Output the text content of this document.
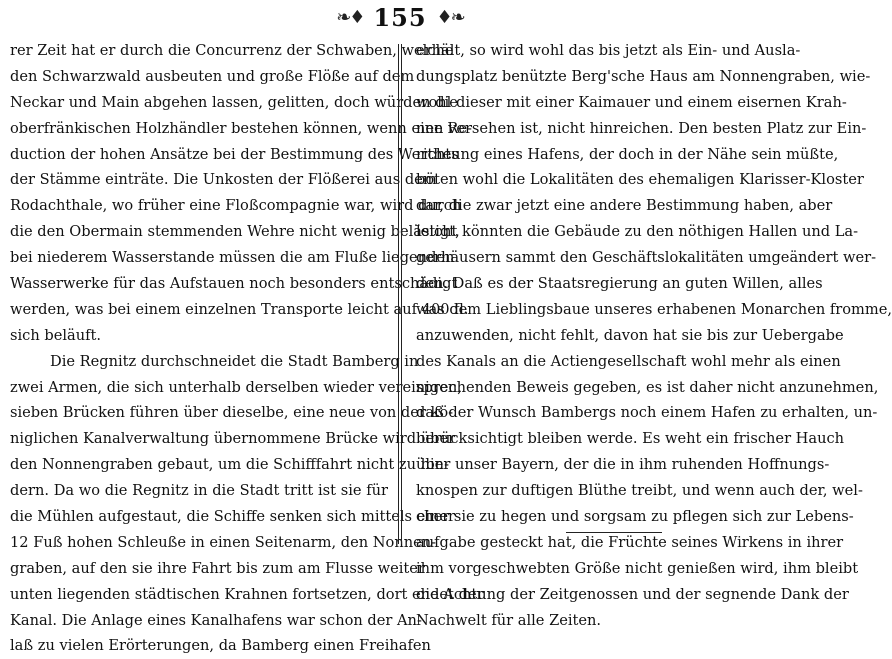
❧♦ 155 ♦❧
rer Zeit hat er durch die Concurrenz der Schwaben, welche
den Schwarzwald ausbeuten und große Flöße auf dem
Neckar und Main abgehen lassen, gelitten, doch würden die
oberfränkischen Holzhändler bestehen können, wenn eine Re-
duction der hohen Ansätze bei der Bestimmung des Werthes
der Stämme einträte. Die Unkosten der Flößerei aus dem
Rodachthale, wo früher eine Floßcompagnie war, wird durch
die den Obermain stemmenden Wehre nicht wenig belästigt,
bei niederem Wasserstande müssen die am Fluße liegenden
Wasserwerke für das Aufstauen noch besonders entschädigt
werden, was bei einem einzelnen Transporte leicht auf 400 fl.
sich beläuft.
Die Regnitz durchschneidet die Stadt Bamberg in
zwei Armen, die sich unterhalb derselben wieder vereinigen,
sieben Brücken führen über dieselbe, eine neue von der kö-
niglichen Kanalverwaltung übernommene Brücke wird über
den Nonnengraben gebaut, um die Schifffahrt nicht zu hin-
dern. Da wo die Regnitz in die Stadt tritt ist sie für
die Mühlen aufgestaut, die Schiffe senken sich mittels einer
12 Fuß hohen Schleuße in einen Seitenarm, den Nonnen-
graben, auf den sie ihre Fahrt bis zum am Flusse weiter
unten liegenden städtischen Krahnen fortsetzen, dort endet der
Kanal. Die Anlage eines Kanalhafens war schon der An-
laß zu vielen Erörterungen, da Bamberg einen Freihafen
erhält, so wird wohl das bis jetzt als Ein- und Ausla-
dungsplatz benützte Berg'sche Haus am Nonnengraben, wie-
wohl dieser mit einer Kaimauer und einem eisernen Krah-
nen versehen ist, nicht hinreichen. Den besten Platz zur Ein-
richtung eines Hafens, der doch in der Nähe sein müßte,
böten wohl die Lokalitäten des ehemaligen Klarisser-Kloster
dar, die zwar jetzt eine andere Bestimmung haben, aber
leicht könnten die Gebäude zu den nöthigen Hallen und La-
gerhäusern sammt den Geschäftslokalitäten umgeändert wer-
den. Daß es der Staatsregierung an guten Willen, alles
was dem Lieblingsbaue unseres erhabenen Monarchen fromme,
anzuwenden, nicht fehlt, davon hat sie bis zur Uebergabe
des Kanals an die Actiengesellschaft wohl mehr als einen
sprechenden Beweis gegeben, es ist daher nicht anzunehmen,
daß der Wunsch Bambergs noch einem Hafen zu erhalten, un-
berücksichtigt bleiben werde. Es weht ein frischer Hauch
über unser Bayern, der die in ihm ruhenden Hoffnungs-
knospen zur duftigen Blüthe treibt, und wenn auch der, wel-
cher sie zu hegen und sorgsam zu pflegen sich zur Lebens-
aufgabe gesteckt hat, die Früchte seines Wirkens in ihrer
ihm vorgeschwebten Größe nicht genießen wird, ihm bleibt
die Achtung der Zeitgenossen und der segnende Dank der
Nachwelt für alle Zeiten.
